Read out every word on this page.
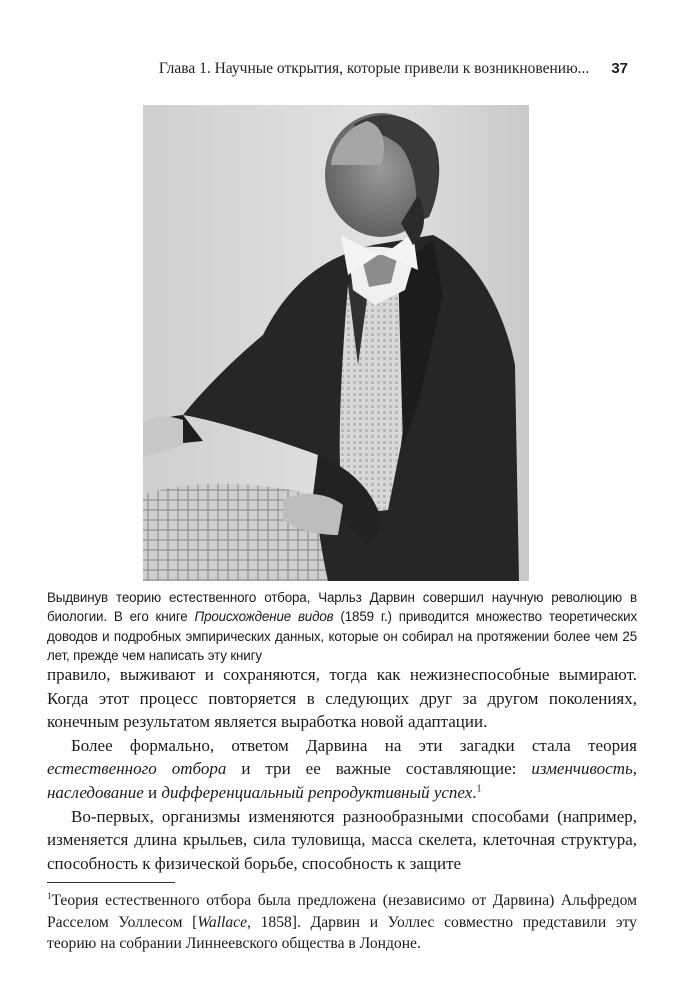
Глава 1. Научные открытия, которые привели к возникновению... 37
Выдвинув теорию естественного отбора, Чарльз Дарвин совершил научную революцию в биологии. В его книге Происхождение видов (1859 г.) приводится множество теоретических доводов и подробных эмпирических данных, которые он собирал на протяжении более чем 25 лет, прежде чем написать эту книгу

правило, выживают и сохраняются, тогда как нежизнеспособные вымирают. Когда этот процесс повторяется в следующих друг за другом поколениях, конечным результатом является выработка новой адаптации.

Более формально, ответом Дарвина на эти загадки стала теория естественного отбора и три ее важные составляющие: изменчивость, наследование и дифференциальный репродуктивный успех.$^1$

Во-первых, организмы изменяются разнообразными способами (например, изменяется длина крыльев, сила туловища, масса скелета, клеточная структура, способность к физической борьбе, способность к защите

$^1$Теория естественного отбора была предложена (независимо от Дарвина) Альфредом Расселом Уоллесом [Wallace, 1858]. Дарвин и Уоллес совместно представили эту теорию на собрании Линнеевского общества в Лондоне.
